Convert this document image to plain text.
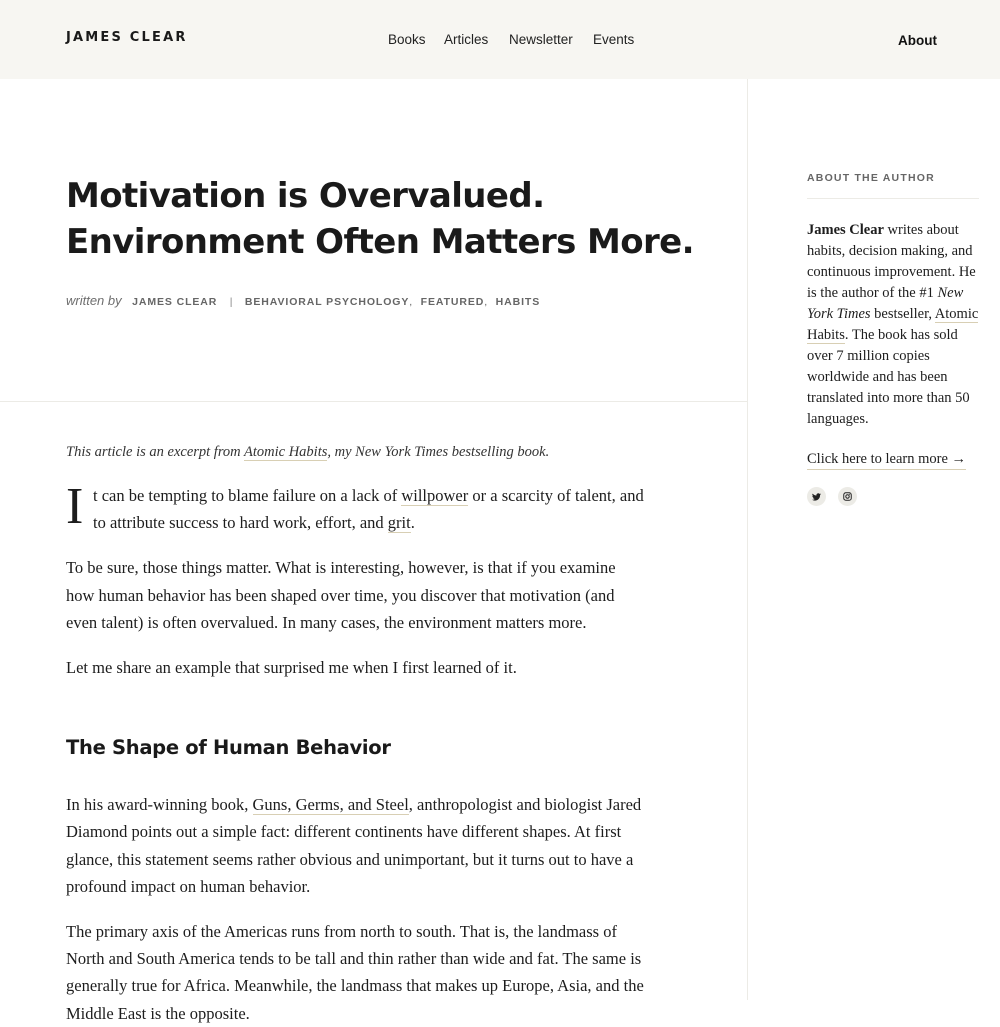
JAMES CLEAR	Books Articles Newsletter Events	About
Motivation is Overvalued.
Environment Often Matters More.
written by JAMES CLEAR | BEHAVIORAL PSYCHOLOGY, FEATURED, HABITS

This article is an excerpt from Atomic Habits, my New York Times bestselling book.

I t can be tempting to blame failure on a lack of willpower or a scarcity of talent, and to attribute success to hard work, effort, and grit.

To be sure, those things matter. What is interesting, however, is that if you examine how human behavior has been shaped over time, you discover that motivation (and even talent) is often overvalued. In many cases, the environment matters more.

Let me share an example that surprised me when I first learned of it.

The Shape of Human Behavior

In his award-winning book, Guns, Germs, and Steel, anthropologist and biologist Jared Diamond points out a simple fact: different continents have different shapes. At first glance, this statement seems rather obvious and unimportant, but it turns out to have a profound impact on human behavior.

The primary axis of the Americas runs from north to south. That is, the landmass of North and South America tends to be tall and thin rather than wide and fat. The same is generally true for Africa. Meanwhile, the landmass that makes up Europe, Asia, and the Middle East is the opposite.

ABOUT THE AUTHOR

James Clear writes about habits, decision making, and continuous improvement. He is the author of the #1 New York Times bestseller, Atomic Habits. The book has sold over 7 million copies worldwide and has been translated into more than 50 languages.

Click here to learn more →
